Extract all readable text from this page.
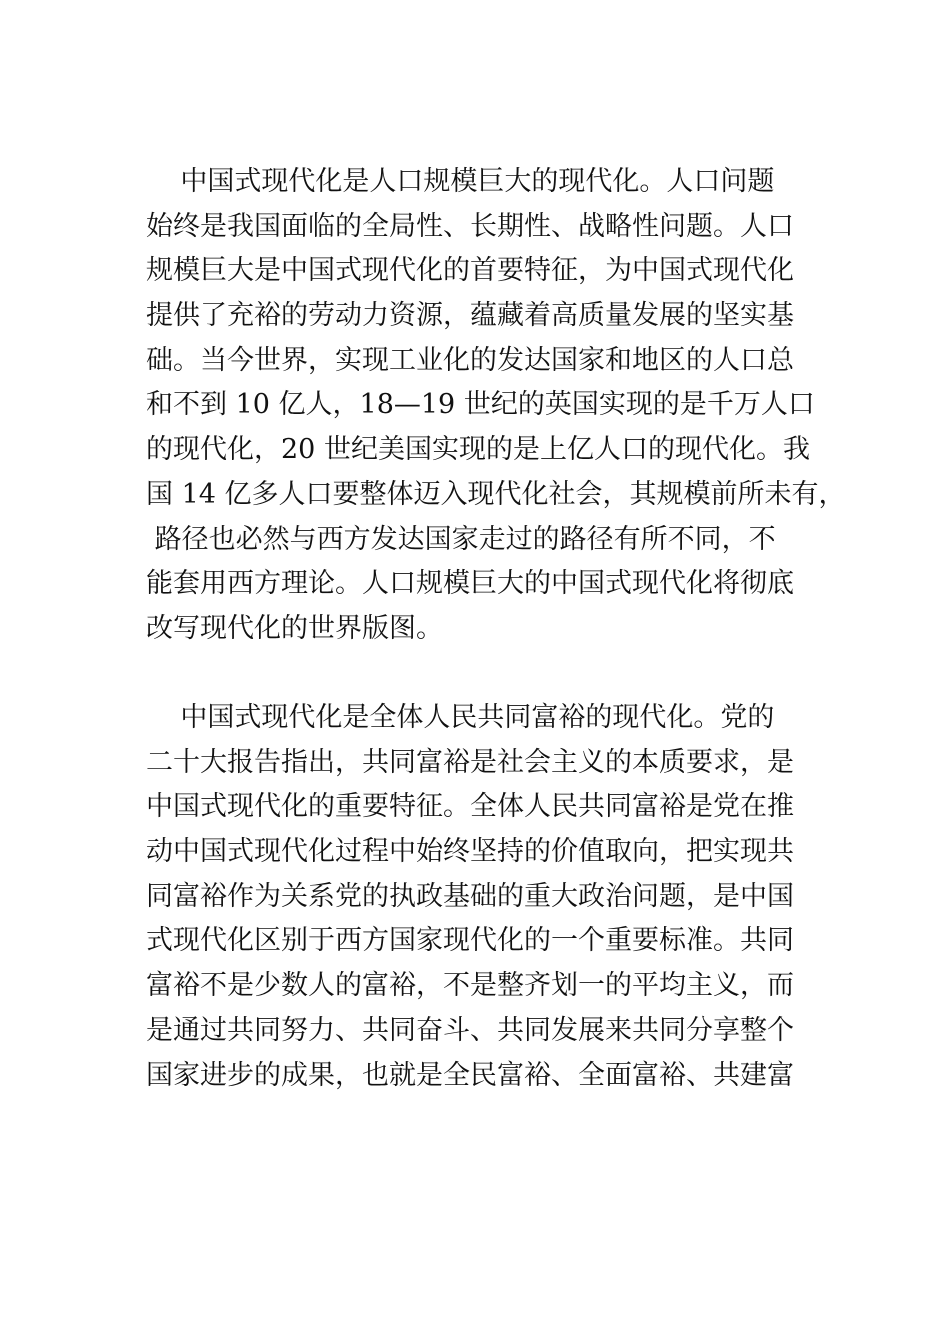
中国式现代化是人口规模巨大的现代化。人口问题
始终是我国面临的全局性、长期性、战略性问题。人口
规模巨大是中国式现代化的首要特征，为中国式现代化
提供了充裕的劳动力资源，蕴藏着高质量发展的坚实基
础。当今世界，实现工业化的发达国家和地区的人口总
和不到 10 亿人，18—19 世纪的英国实现的是千万人口
的现代化，20 世纪美国实现的是上亿人口的现代化。我
国 14 亿多人口要整体迈入现代化社会，其规模前所未有，
路径也必然与西方发达国家走过的路径有所不同，不
能套用西方理论。人口规模巨大的中国式现代化将彻底
改写现代化的世界版图。
中国式现代化是全体人民共同富裕的现代化。党的
二十大报告指出，共同富裕是社会主义的本质要求，是
中国式现代化的重要特征。全体人民共同富裕是党在推
动中国式现代化过程中始终坚持的价值取向，把实现共
同富裕作为关系党的执政基础的重大政治问题，是中国
式现代化区别于西方国家现代化的一个重要标准。共同
富裕不是少数人的富裕，不是整齐划一的平均主义，而
是通过共同努力、共同奋斗、共同发展来共同分享整个
国家进步的成果，也就是全民富裕、全面富裕、共建富
